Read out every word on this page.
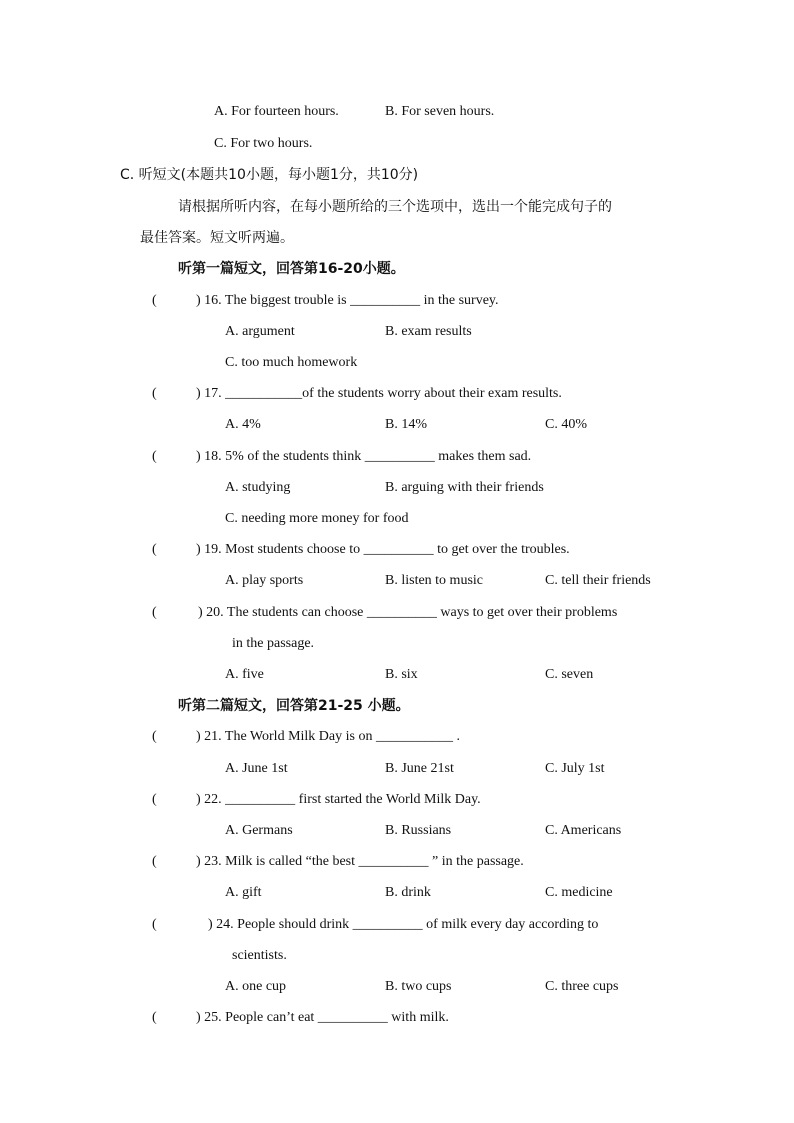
A. For fourteen hours.	B. For seven hours.
C. For two hours.
C. 听短文(本题共10小题，每小题1分，共10分)
请根据所听内容，在每小题所给的三个选项中，选出一个能完成句子的
最佳答案。短文听两遍。
听第一篇短文，回答第16-20小题。
(	) 16. The biggest trouble is __________ in the survey.
A. argument	B. exam results
C. too much homework
(	) 17. ___________of the students worry about their exam results.
A. 4%	B. 14%	C. 40%
(	) 18. 5% of the students think __________ makes them sad.
A. studying	B. arguing with their friends
C. needing more money for food
(	) 19. Most students choose to __________ to get over the troubles.
A. play sports	B. listen to music	C. tell their friends
(	) 20. The students can choose __________ ways to get over their problems
in the passage.
A. five	B. six	C. seven
听第二篇短文，回答第21-25 小题。
(	) 21. The World Milk Day is on ___________ .
A. June 1st	B. June 21st	C. July 1st
(	) 22. __________ first started the World Milk Day.
A. Germans	B. Russians	C. Americans
(	) 23. Milk is called “the best __________ ” in the passage.
A. gift	B. drink	C. medicine
(	) 24. People should drink __________ of milk every day according to
scientists.
A. one cup	B. two cups	C. three cups
(	) 25. People can’t eat __________ with milk.
